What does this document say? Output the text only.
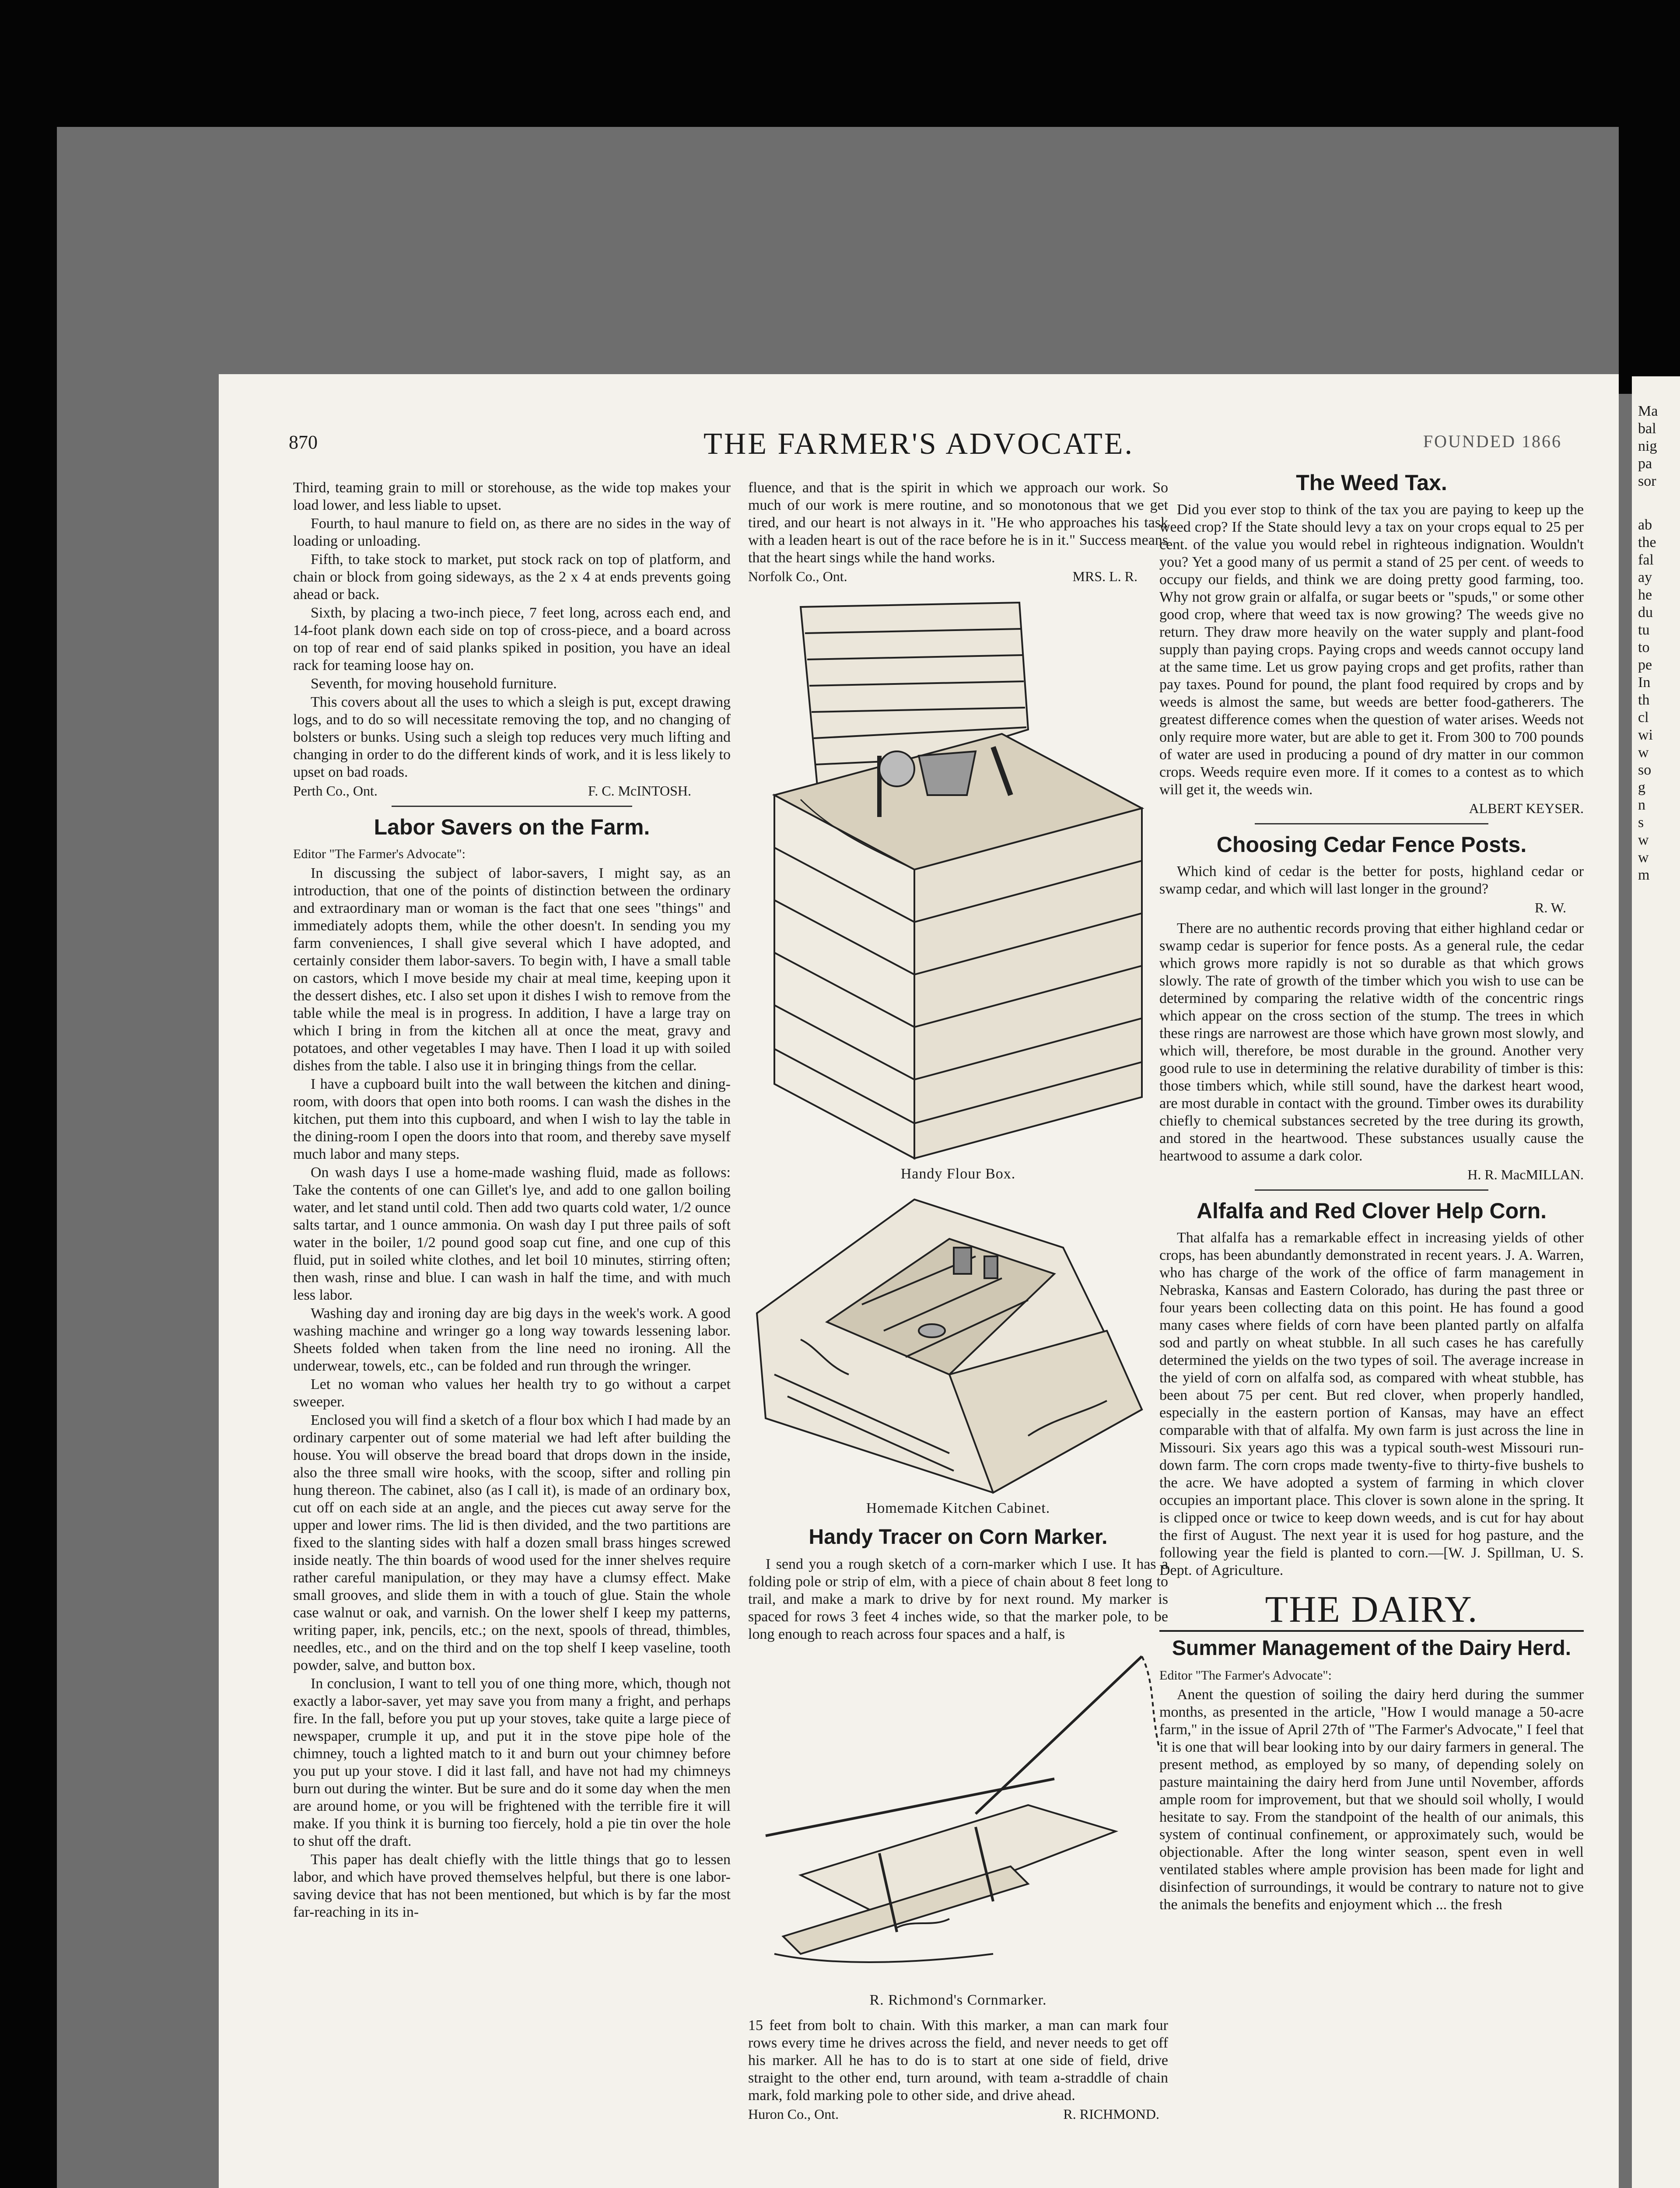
Ma
bal
nig
pa
sor
ab
the
fal
ay
he
du
tu
to
pe
In
th
cl
wi
w
so
g
n
s
w
w
m
870	THE FARMER'S ADVOCATE.	FOUNDED 1866

Third, teaming grain to mill or storehouse, as the wide top makes your load lower, and less liable to upset.

Fourth, to haul manure to field on, as there are no sides in the way of loading or unloading.

Fifth, to take stock to market, put stock rack on top of platform, and chain or block from going sideways, as the 2 x 4 at ends prevents going ahead or back.

Sixth, by placing a two-inch piece, 7 feet long, across each end, and 14-foot plank down each side on top of cross-piece, and a board across on top of rear end of said planks spiked in position, you have an ideal rack for teaming loose hay on.

Seventh, for moving household furniture.

This covers about all the uses to which a sleigh is put, except drawing logs, and to do so will necessitate removing the top, and no changing of bolsters or bunks. Using such a sleigh top reduces very much lifting and changing in order to do the different kinds of work, and it is less likely to upset on bad roads.

Perth Co., Ont.	F. C. McINTOSH.
Labor Savers on the Farm.
Editor "The Farmer's Advocate":

In discussing the subject of labor-savers, I might say, as an introduction, that one of the points of distinction between the ordinary and extraordinary man or woman is the fact that one sees "things" and immediately adopts them, while the other doesn't. In sending you my farm conveniences, I shall give several which I have adopted, and certainly consider them labor-savers. To begin with, I have a small table on castors, which I move beside my chair at meal time, keeping upon it the dessert dishes, etc. I also set upon it dishes I wish to remove from the table while the meal is in progress. In addition, I have a large tray on which I bring in from the kitchen all at once the meat, gravy and potatoes, and other vegetables I may have. Then I load it up with soiled dishes from the table. I also use it in bringing things from the cellar.

I have a cupboard built into the wall between the kitchen and dining-room, with doors that open into both rooms. I can wash the dishes in the kitchen, put them into this cupboard, and when I wish to lay the table in the dining-room I open the doors into that room, and thereby save myself much labor and many steps.

On wash days I use a home-made washing fluid, made as follows: Take the contents of one can Gillet's lye, and add to one gallon boiling water, and let stand until cold. Then add two quarts cold water, 1/2 ounce salts tartar, and 1 ounce ammonia. On wash day I put three pails of soft water in the boiler, 1/2 pound good soap cut fine, and one cup of this fluid, put in soiled white clothes, and let boil 10 minutes, stirring often; then wash, rinse and blue. I can wash in half the time, and with much less labor.

Washing day and ironing day are big days in the week's work. A good washing machine and wringer go a long way towards lessening labor. Sheets folded when taken from the line need no ironing. All the underwear, towels, etc., can be folded and run through the wringer.

Let no woman who values her health try to go without a carpet sweeper.

Enclosed you will find a sketch of a flour box which I had made by an ordinary carpenter out of some material we had left after building the house. You will observe the bread board that drops down in the inside, also the three small wire hooks, with the scoop, sifter and rolling pin hung thereon. The cabinet, also (as I call it), is made of an ordinary box, cut off on each side at an angle, and the pieces cut away serve for the upper and lower rims. The lid is then divided, and the two partitions are fixed to the slanting sides with half a dozen small brass hinges screwed inside neatly. The thin boards of wood used for the inner shelves require rather careful manipulation, or they may have a clumsy effect. Make small grooves, and slide them in with a touch of glue. Stain the whole case walnut or oak, and varnish. On the lower shelf I keep my patterns, writing paper, ink, pencils, etc.; on the next, spools of thread, thimbles, needles, etc., and on the third and on the top shelf I keep vaseline, tooth powder, salve, and button box.

In conclusion, I want to tell you of one thing more, which, though not exactly a labor-saver, yet may save you from many a fright, and perhaps fire. In the fall, before you put up your stoves, take quite a large piece of newspaper, crumple it up, and put it in the stove pipe hole of the chimney, touch a lighted match to it and burn out your chimney before you put up your stove. I did it last fall, and have not had my chimneys burn out during the winter. But be sure and do it some day when the men are around home, or you will be frightened with the terrible fire it will make. If you think it is burning too fiercely, hold a pie tin over the hole to shut off the draft.

This paper has dealt chiefly with the little things that go to lessen labor, and which have proved themselves helpful, but there is one labor-saving device that has not been mentioned, but which is by far the most far-reaching in its in-

fluence, and that is the spirit in which we approach our work. So much of our work is mere routine, and so monotonous that we get tired, and our heart is not always in it. "He who approaches his task with a leaden heart is out of the race before he is in it." Success means that the heart sings while the hand works.

Norfolk Co., Ont.	MRS. L. R.
Handy Flour Box.
Homemade Kitchen Cabinet.
Handy Tracer on Corn Marker.

I send you a rough sketch of a corn-marker which I use. It has a folding pole or strip of elm, with a piece of chain about 8 feet long to trail, and make a mark to drive by for next round. My marker is spaced for rows 3 feet 4 inches wide, so that the marker pole, to be long enough to reach across four spaces and a half, is

R. Richmond's Cornmarker.

15 feet from bolt to chain. With this marker, a man can mark four rows every time he drives across the field, and never needs to get off his marker. All he has to do is to start at one side of field, drive straight to the other end, turn around, with team a-straddle of chain mark, fold marking pole to other side, and drive ahead.

Huron Co., Ont.	R. RICHMOND.
The Weed Tax.

Did you ever stop to think of the tax you are paying to keep up the weed crop? If the State should levy a tax on your crops equal to 25 per cent. of the value you would rebel in righteous indignation. Wouldn't you? Yet a good many of us permit a stand of 25 per cent. of weeds to occupy our fields, and think we are doing pretty good farming, too. Why not grow grain or alfalfa, or sugar beets or "spuds," or some other good crop, where that weed tax is now growing? The weeds give no return. They draw more heavily on the water supply and plant-food supply than paying crops. Paying crops and weeds cannot occupy land at the same time. Let us grow paying crops and get profits, rather than pay taxes. Pound for pound, the plant food required by crops and by weeds is almost the same, but weeds are better food-gatherers. The greatest difference comes when the question of water arises. Weeds not only require more water, but are able to get it. From 300 to 700 pounds of water are used in producing a pound of dry matter in our common crops. Weeds require even more. If it comes to a contest as to which will get it, the weeds win.

ALBERT KEYSER.
Choosing Cedar Fence Posts.

Which kind of cedar is the better for posts, highland cedar or swamp cedar, and which will last longer in the ground?

R. W.

There are no authentic records proving that either highland cedar or swamp cedar is superior for fence posts. As a general rule, the cedar which grows more rapidly is not so durable as that which grows slowly. The rate of growth of the timber which you wish to use can be determined by comparing the relative width of the concentric rings which appear on the cross section of the stump. The trees in which these rings are narrowest are those which have grown most slowly, and which will, therefore, be most durable in the ground. Another very good rule to use in determining the relative durability of timber is this: those timbers which, while still sound, have the darkest heart wood, are most durable in contact with the ground. Timber owes its durability chiefly to chemical substances secreted by the tree during its growth, and stored in the heartwood. These substances usually cause the heartwood to assume a dark color.

H. R. MacMILLAN.
Alfalfa and Red Clover Help Corn.

That alfalfa has a remarkable effect in increasing yields of other crops, has been abundantly demonstrated in recent years. J. A. Warren, who has charge of the work of the office of farm management in Nebraska, Kansas and Eastern Colorado, has during the past three or four years been collecting data on this point. He has found a good many cases where fields of corn have been planted partly on alfalfa sod and partly on wheat stubble. In all such cases he has carefully determined the yields on the two types of soil. The average increase in the yield of corn on alfalfa sod, as compared with wheat stubble, has been about 75 per cent. But red clover, when properly handled, especially in the eastern portion of Kansas, may have an effect comparable with that of alfalfa. My own farm is just across the line in Missouri. Six years ago this was a typical south-west Missouri run-down farm. The corn crops made twenty-five to thirty-five bushels to the acre. We have adopted a system of farming in which clover occupies an important place. This clover is sown alone in the spring. It is clipped once or twice to keep down weeds, and is cut for hay about the first of August. The next year it is used for hog pasture, and the following year the field is planted to corn.—[W. J. Spillman, U. S. Dept. of Agriculture.

THE DAIRY.
Summer Management of the Dairy Herd.
Editor "The Farmer's Advocate":

Anent the question of soiling the dairy herd during the summer months, as presented in the article, "How I would manage a 50-acre farm," in the issue of April 27th of "The Farmer's Advocate," I feel that it is one that will bear looking into by our dairy farmers in general. The present method, as employed by so many, of depending solely on pasture maintaining the dairy herd from June until November, affords ample room for improvement, but that we should soil wholly, I would hesitate to say. From the standpoint of the health of our animals, this system of continual confinement, or approximately such, would be objectionable. After the long winter season, spent even in well ventilated stables where ample provision has been made for light and disinfection of surroundings, it would be contrary to nature not to give the animals the benefits and enjoyment which ... the fresh
